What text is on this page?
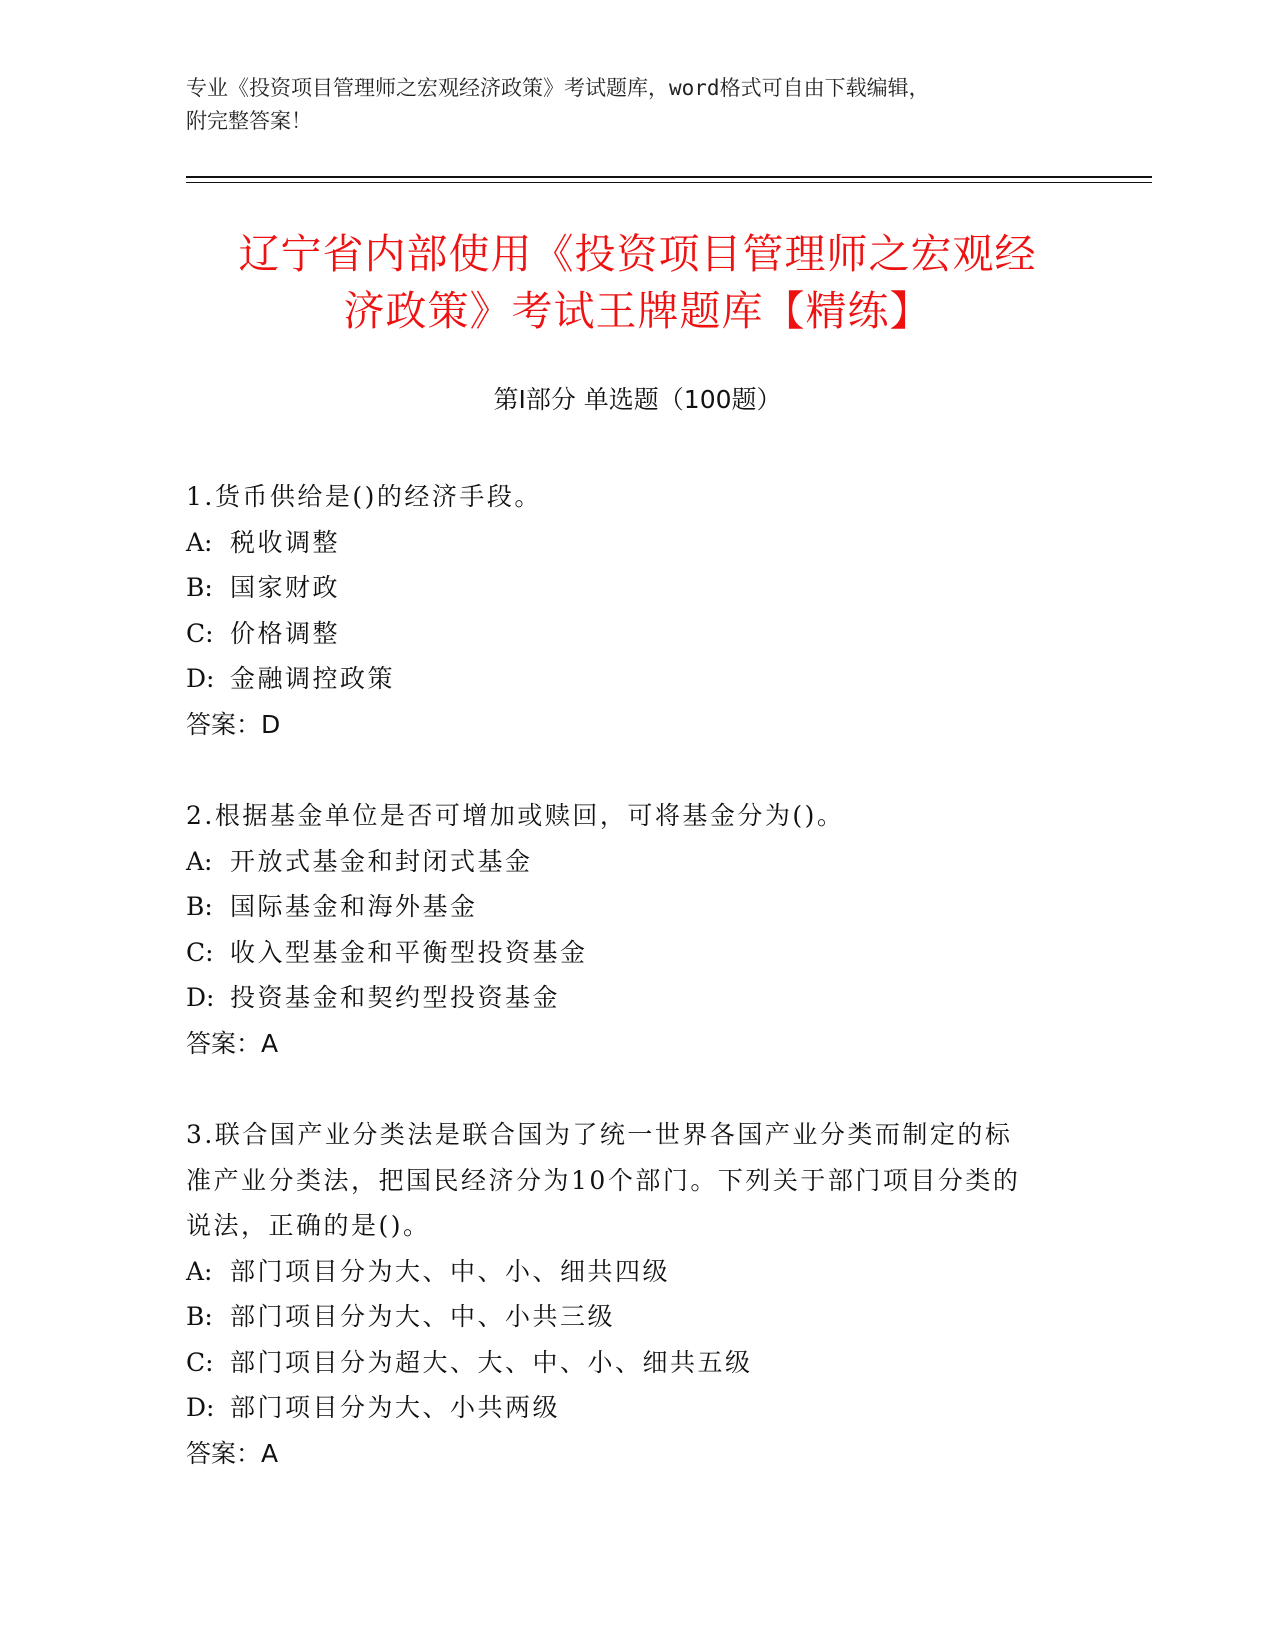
专业《投资项目管理师之宏观经济政策》考试题库，word格式可自由下载编辑，
附完整答案！
辽宁省内部使用《投资项目管理师之宏观经
济政策》考试王牌题库【精练】
第Ⅰ部分 单选题（100题）
1.货币供给是()的经济手段。
A: 税收调整
B: 国家财政
C: 价格调整
D: 金融调控政策
答案：D
2.根据基金单位是否可增加或赎回，可将基金分为()。
A: 开放式基金和封闭式基金
B: 国际基金和海外基金
C: 收入型基金和平衡型投资基金
D: 投资基金和契约型投资基金
答案：A
3.联合国产业分类法是联合国为了统一世界各国产业分类而制定的标
准产业分类法，把国民经济分为10个部门。下列关于部门项目分类的
说法，正确的是()。
A: 部门项目分为大、中、小、细共四级
B: 部门项目分为大、中、小共三级
C: 部门项目分为超大、大、中、小、细共五级
D: 部门项目分为大、小共两级
答案：A
